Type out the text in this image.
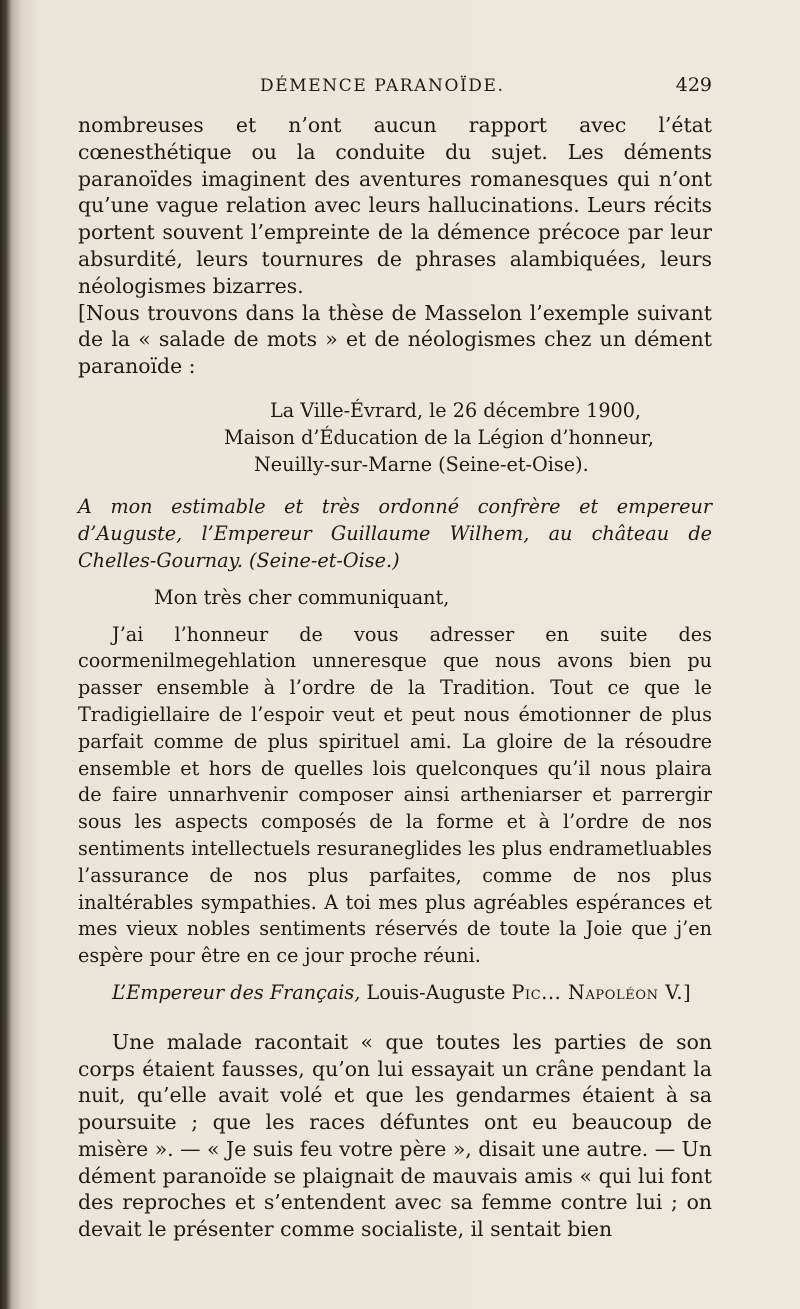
DÉMENCE PARANOÏDE.	429

nombreuses et n’ont aucun rapport avec l’état cœnesthétique ou la conduite du sujet. Les déments paranoïdes imaginent des aventures romanesques qui n’ont qu’une vague relation avec leurs hallucinations. Leurs récits portent souvent l’empreinte de la démence précoce par leur absurdité, leurs tournures de phrases alambiquées, leurs néologismes bizarres.

[Nous trouvons dans la thèse de Masselon l’exemple suivant de la « salade de mots » et de néologismes chez un dément paranoïde :

La Ville-Évrard, le 26 décembre 1900,
Maison d’Éducation de la Légion d’honneur,
Neuilly-sur-Marne (Seine-et-Oise).

A mon estimable et très ordonné confrère et empereur d’Auguste, l’Empereur Guillaume Wilhem, au château de Chelles-Gournay. (Seine-et-Oise.)

Mon très cher communiquant,

J’ai l’honneur de vous adresser en suite des coormenilmegehlation unneresque que nous avons bien pu passer ensemble à l’ordre de la Tradition. Tout ce que le Tradigiellaire de l’espoir veut et peut nous émotionner de plus parfait comme de plus spirituel ami. La gloire de la résoudre ensemble et hors de quelles lois quelconques qu’il nous plaira de faire unnarhvenir composer ainsi artheniarser et parrergir sous les aspects composés de la forme et à l’ordre de nos sentiments intellectuels resuraneglides les plus endrametluables l’assurance de nos plus parfaites, comme de nos plus inaltérables sympathies. A toi mes plus agréables espérances et mes vieux nobles sentiments réservés de toute la Joie que j’en espère pour être en ce jour proche réuni.

L’Empereur des Français, Louis-Auguste Pic... Napoléon V.]

Une malade racontait « que toutes les parties de son corps étaient fausses, qu’on lui essayait un crâne pendant la nuit, qu’elle avait volé et que les gendarmes étaient à sa poursuite ; que les races défuntes ont eu beaucoup de misère ». — « Je suis feu votre père », disait une autre. — Un dément paranoïde se plaignait de mauvais amis « qui lui font des reproches et s’entendent avec sa femme contre lui ; on devait le présenter comme socialiste, il sentait bien
